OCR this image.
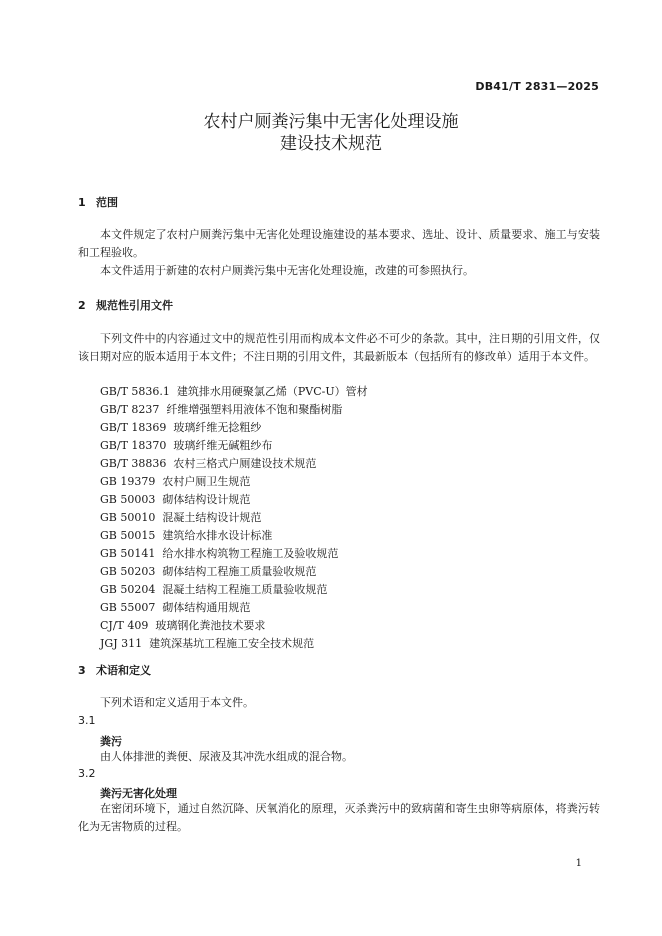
DB41/T 2831—2025
农村户厕粪污集中无害化处理设施
建设技术规范
1 范围
本文件规定了农村户厕粪污集中无害化处理设施建设的基本要求、选址、设计、质量要求、施工与安装和工程验收。
本文件适用于新建的农村户厕粪污集中无害化处理设施，改建的可参照执行。
2 规范性引用文件
下列文件中的内容通过文中的规范性引用而构成本文件必不可少的条款。其中，注日期的引用文件，仅该日期对应的版本适用于本文件；不注日期的引用文件，其最新版本（包括所有的修改单）适用于本文件。
GB/T 5836.1  建筑排水用硬聚氯乙烯（PVC-U）管材
GB/T 8237  纤维增强塑料用液体不饱和聚酯树脂
GB/T 18369  玻璃纤维无捻粗纱
GB/T 18370  玻璃纤维无碱粗纱布
GB/T 38836  农村三格式户厕建设技术规范
GB 19379  农村户厕卫生规范
GB 50003  砌体结构设计规范
GB 50010  混凝土结构设计规范
GB 50015  建筑给水排水设计标准
GB 50141  给水排水构筑物工程施工及验收规范
GB 50203  砌体结构工程施工质量验收规范
GB 50204  混凝土结构工程施工质量验收规范
GB 55007  砌体结构通用规范
CJ/T 409  玻璃钢化粪池技术要求
JGJ 311  建筑深基坑工程施工安全技术规范
3 术语和定义
下列术语和定义适用于本文件。
3.1
粪污
由人体排泄的粪便、尿液及其冲洗水组成的混合物。
3.2
粪污无害化处理
在密闭环境下，通过自然沉降、厌氧消化的原理，灭杀粪污中的致病菌和寄生虫卵等病原体，将粪污转化为无害物质的过程。
1
